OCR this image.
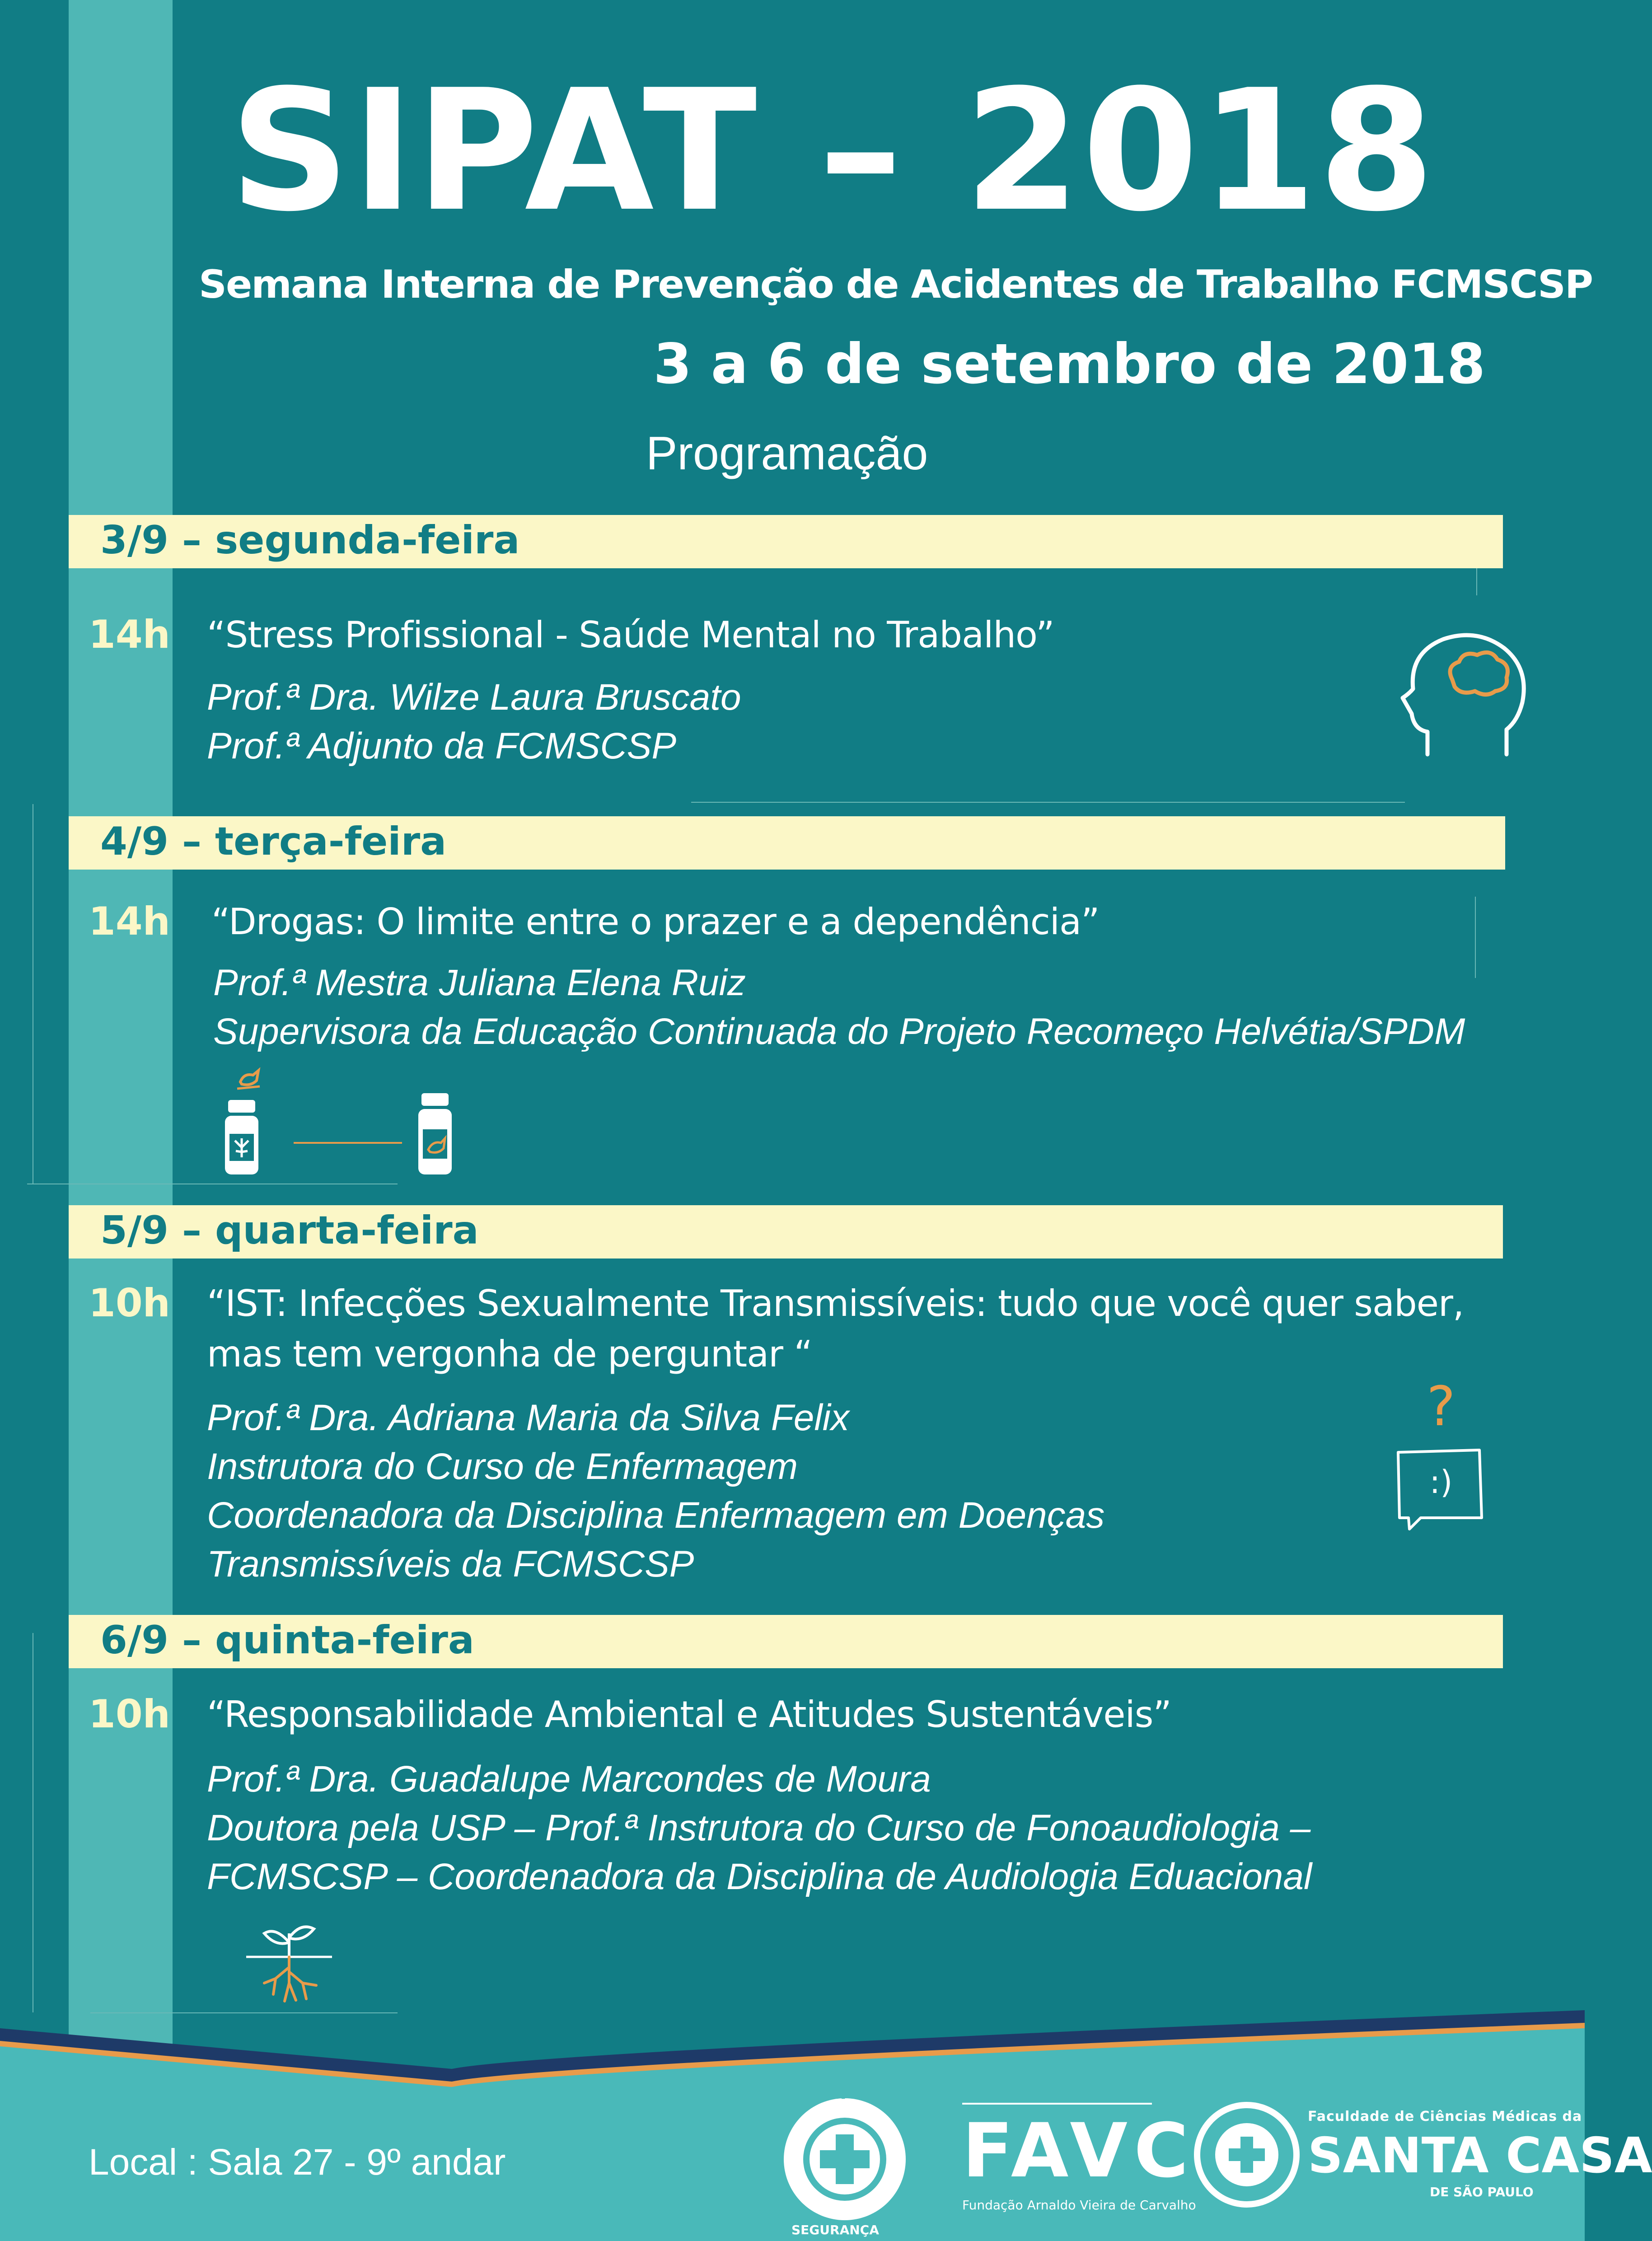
SIPAT – 2018
Semana Interna de Prevenção de Acidentes de Trabalho FCMSCSP
3 a 6 de setembro de 2018
Programação
3/9 – segunda-feira
14h “Stress Profissional - Saúde Mental no Trabalho”
Prof.ª Dra. Wilze Laura Bruscato
Prof.ª Adjunto da FCMSCSP
4/9 – terça-feira
14h “Drogas: O limite entre o prazer e a dependência”
Prof.ª Mestra Juliana Elena Ruiz
Supervisora da Educação Continuada do Projeto Recomeço Helvétia/SPDM
5/9 – quarta-feira
10h “IST: Infecções Sexualmente Transmissíveis: tudo que você quer saber,
mas tem vergonha de perguntar “
Prof.ª Dra. Adriana Maria da Silva Felix
Instrutora do Curso de Enfermagem
Coordenadora da Disciplina Enfermagem em Doenças
Transmissíveis da FCMSCSP
?
:)
6/9 – quinta-feira
10h “Responsabilidade Ambiental e Atitudes Sustentáveis”
Prof.ª Dra. Guadalupe Marcondes de Moura
Doutora pela USP – Prof.ª Instrutora do Curso de Fonoaudiologia –
FCMSCSP – Coordenadora da Disciplina de Audiologia Eduacional
Local : Sala 27 - 9º andar
CIPA
SEGURANÇA
FAVC
Fundação Arnaldo Vieira de Carvalho
Faculdade de Ciências Médicas da
SANTA CASA
DE SÃO PAULO
